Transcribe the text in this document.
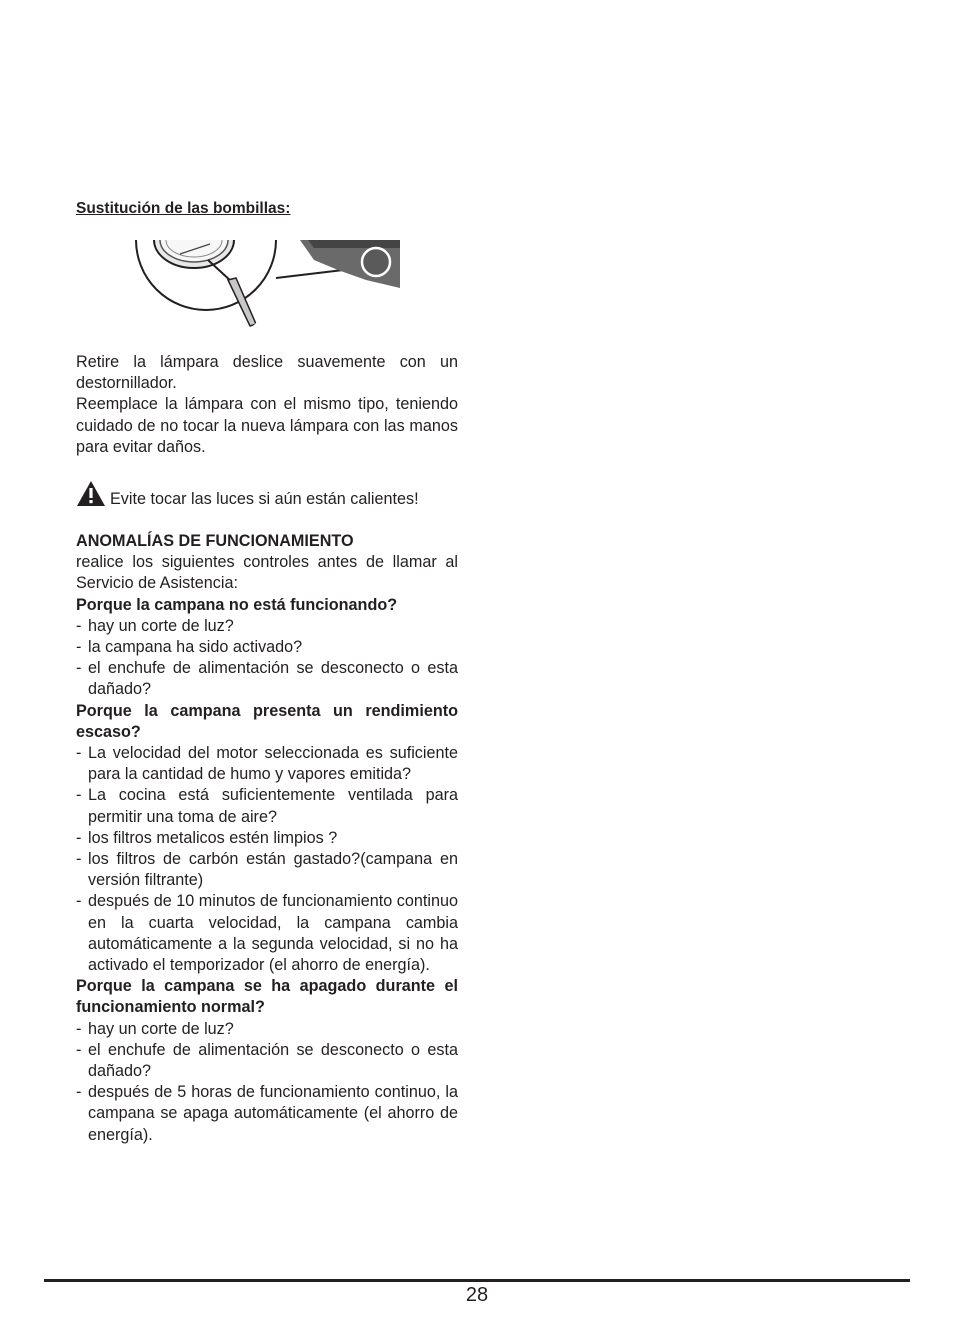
Sustitución de las bombillas:

Retire la lámpara deslice suavemente con un destornillador.

Reemplace la lámpara con el mismo tipo, teniendo cuidado de no tocar la nueva lámpara con las manos para evitar daños.

Evite tocar las luces si aún están calientes!

ANOMALÍAS DE FUNCIONAMIENTO

realice los siguientes controles antes de llamar al Servicio de Asistencia:

Porque la campana no está funcionando?

- hay un corte de luz?

- la campana ha sido activado?

- el enchufe de alimentación se desconecto o esta dañado?

Porque la campana presenta un rendimiento escaso?

- La velocidad del motor seleccionada es suficiente para la cantidad de humo y vapores emitida?

- La cocina está suficientemente ventilada para permitir una toma de aire?

- los filtros metalicos estén limpios ?

- los filtros de carbón están gastado?(campana en versión filtrante)

- después de 10 minutos de funcionamiento continuo en la cuarta velocidad, la campana cambia automáticamente a la segunda velocidad, si no ha activado el temporizador (el ahorro de energía).

Porque la campana se ha apagado durante el funcionamiento normal?

- hay un corte de luz?

- el enchufe de alimentación se desconecto o esta dañado?

- después de 5 horas de funcionamiento continuo, la campana se apaga automáticamente (el ahorro de energía).

28
